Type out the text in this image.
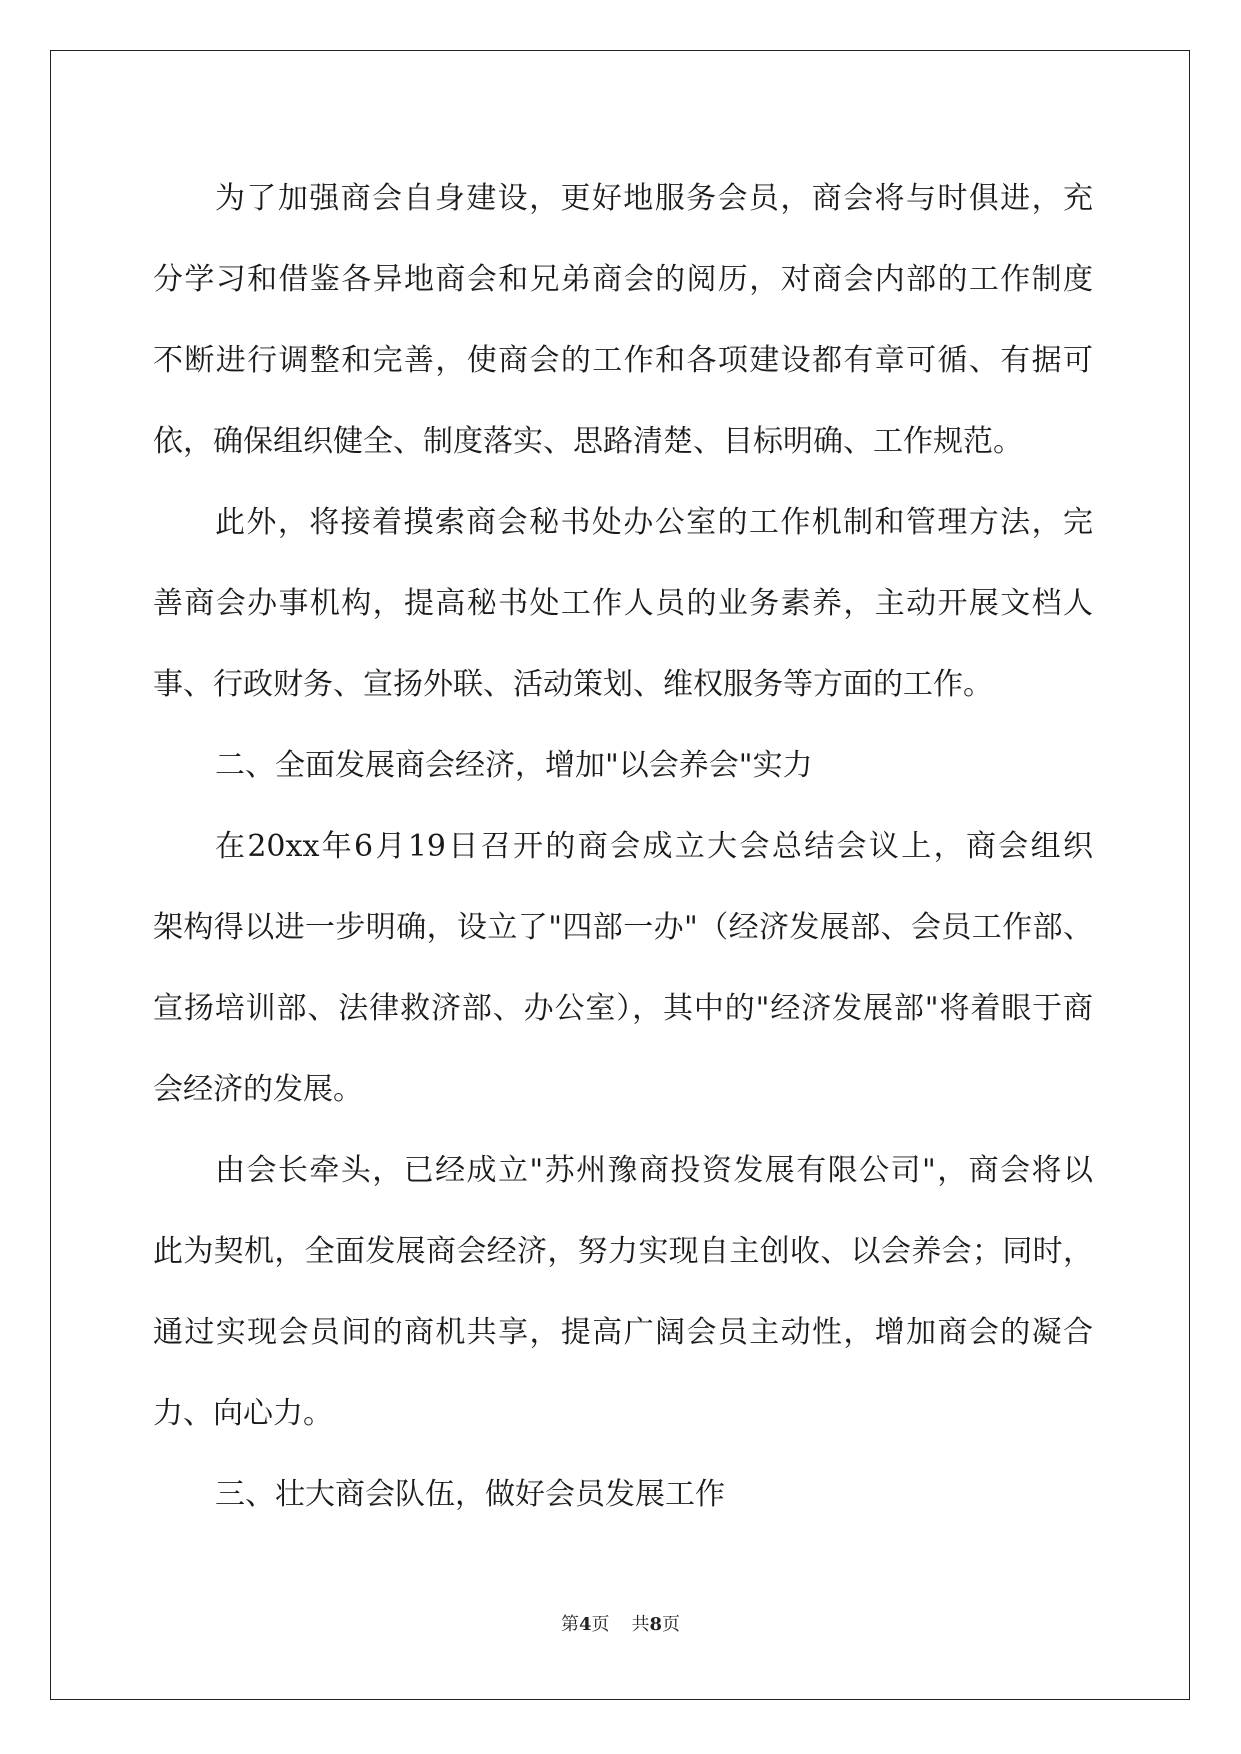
为了加强商会自身建设，更好地服务会员，商会将与时俱进，充
分学习和借鉴各异地商会和兄弟商会的阅历，对商会内部的工作制度
不断进行调整和完善，使商会的工作和各项建设都有章可循、有据可
依，确保组织健全、制度落实、思路清楚、目标明确、工作规范。
此外，将接着摸索商会秘书处办公室的工作机制和管理方法，完
善商会办事机构，提高秘书处工作人员的业务素养，主动开展文档人
事、行政财务、宣扬外联、活动策划、维权服务等方面的工作。
二、全面发展商会经济，增加"以会养会"实力
在20xx年6月19日召开的商会成立大会总结会议上，商会组织
架构得以进一步明确，设立了"四部一办"（经济发展部、会员工作部、
宣扬培训部、法律救济部、办公室），其中的"经济发展部"将着眼于商
会经济的发展。
由会长牵头，已经成立"苏州豫商投资发展有限公司"，商会将以
此为契机，全面发展商会经济，努力实现自主创收、以会养会；同时，
通过实现会员间的商机共享，提高广阔会员主动性，增加商会的凝合
力、向心力。
三、壮大商会队伍，做好会员发展工作
第4页 共8页
